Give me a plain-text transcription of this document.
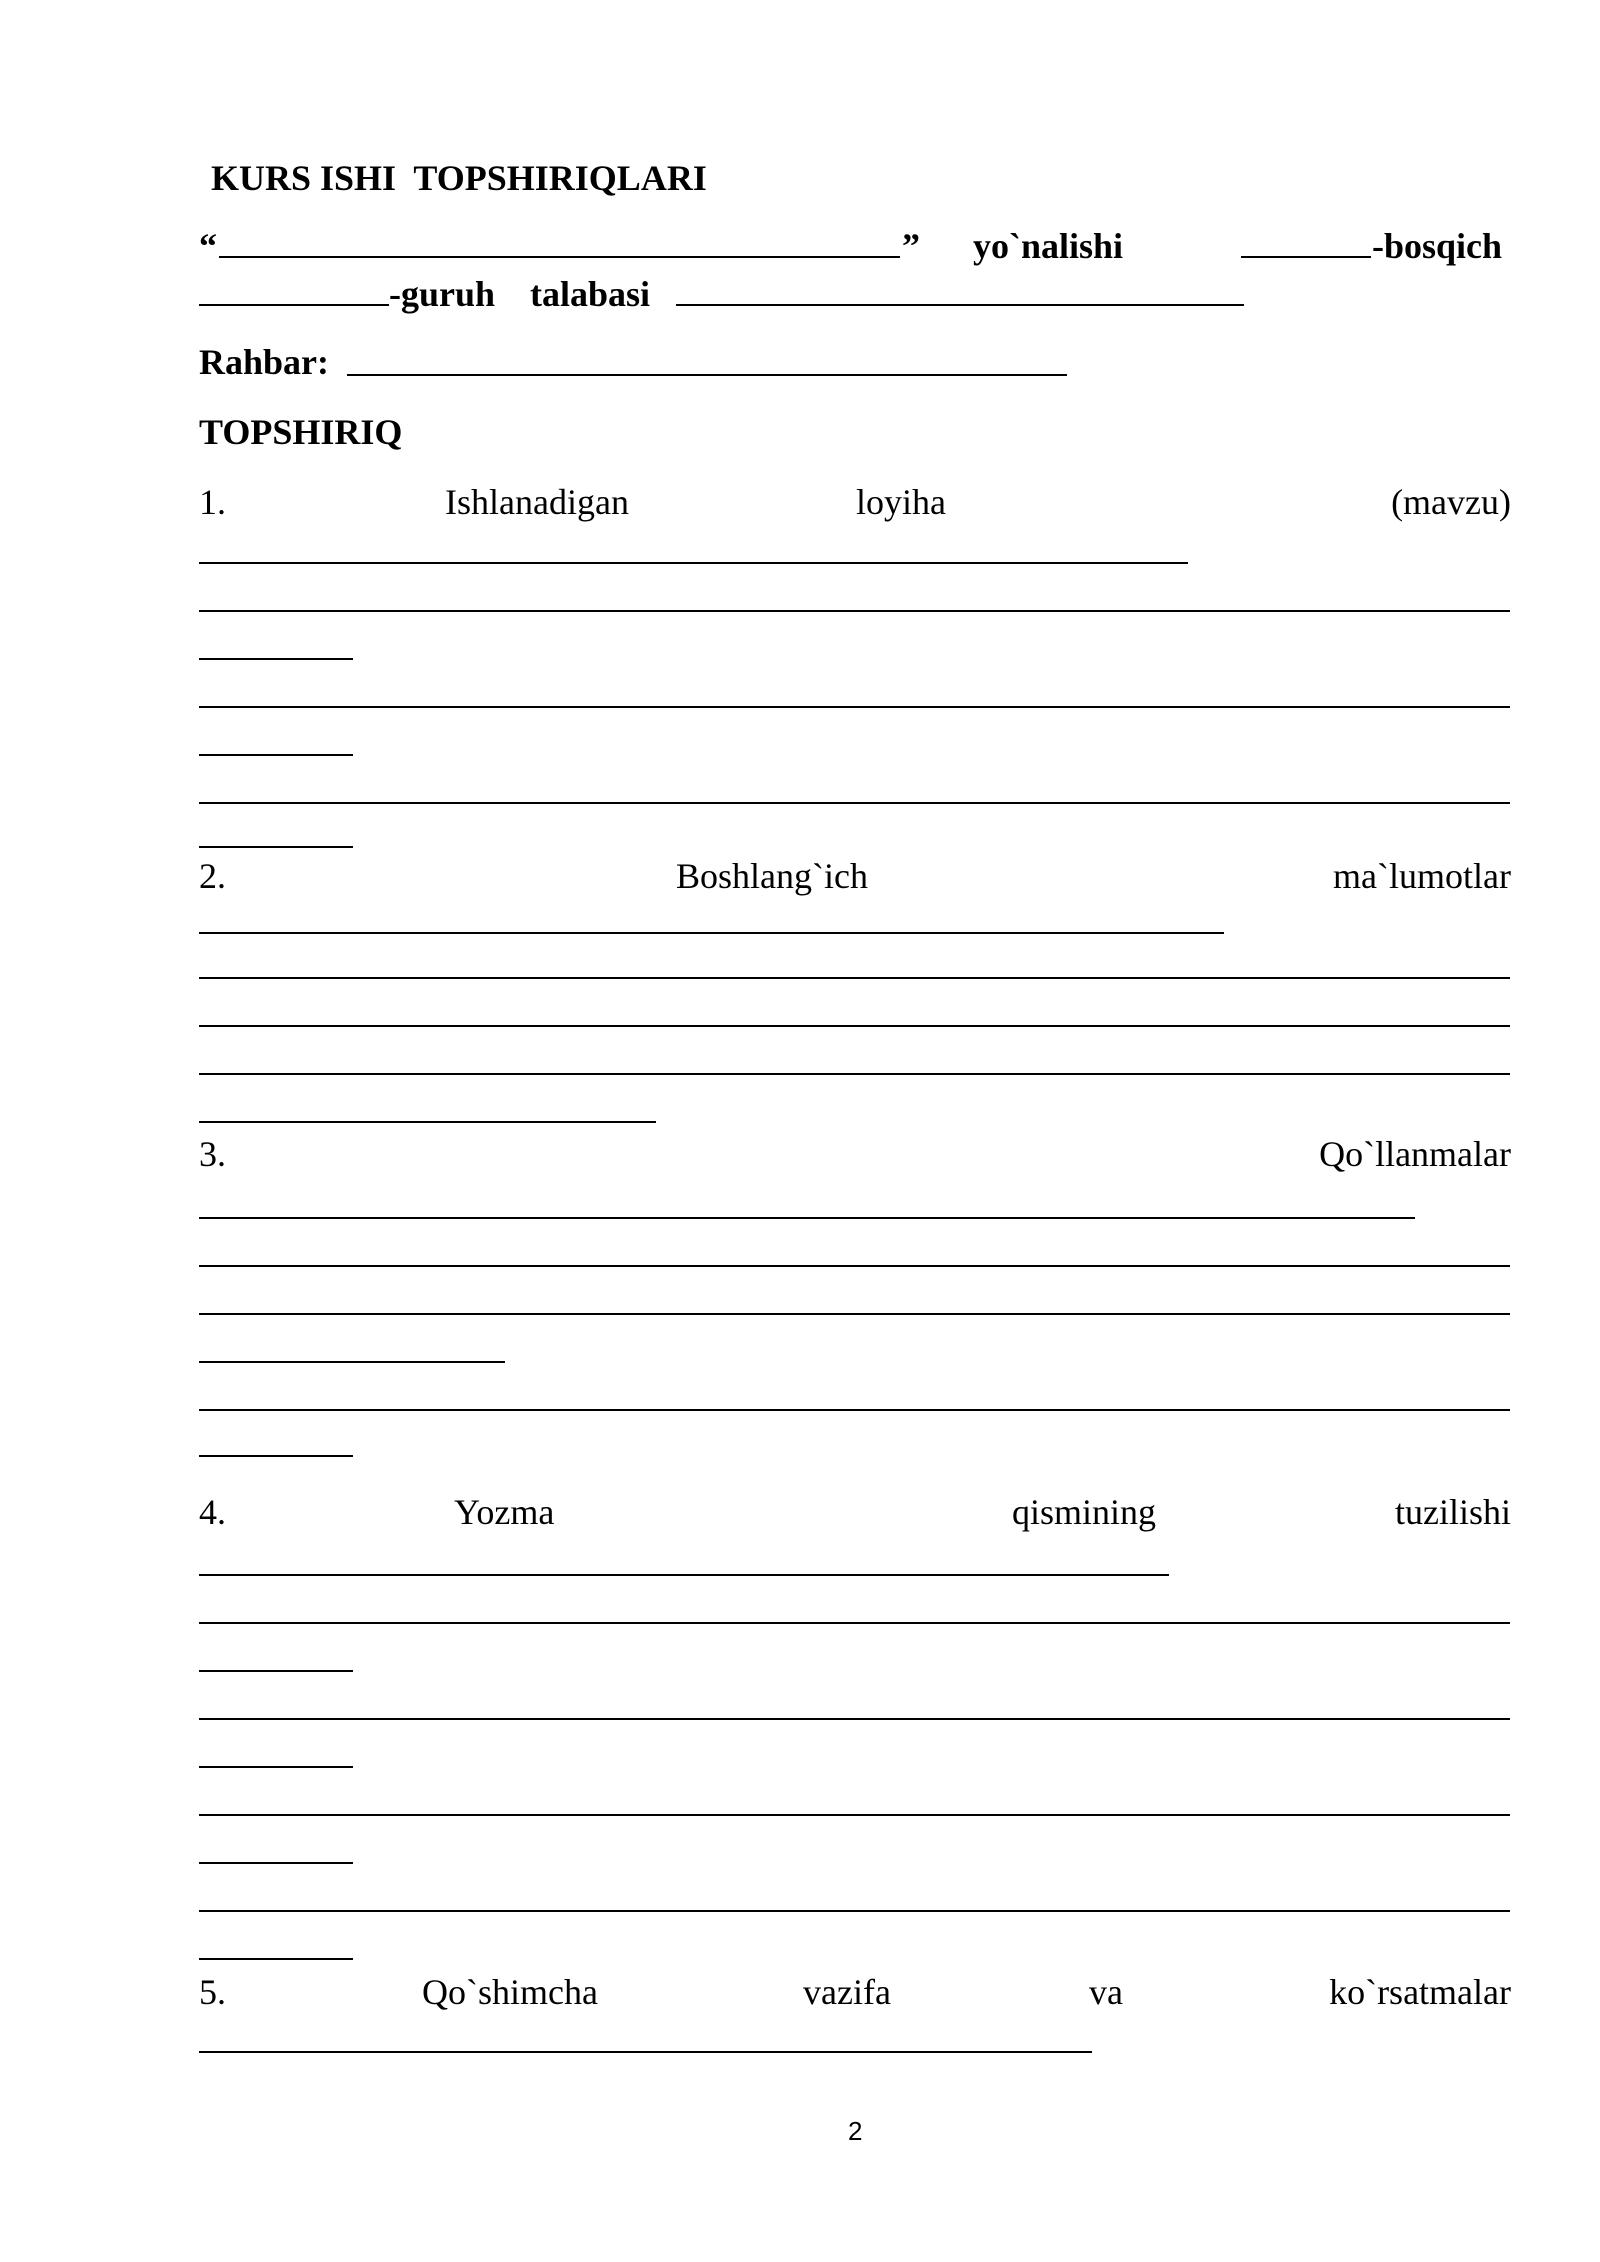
KURS ISHI  TOPSHIRIQLARI
“	” yo`nalishi	-bosqich
-guruh talabasi
Rahbar:
TOPSHIRIQ
1.	Ishlanadigan	loyiha	(mavzu)
2.	Boshlang`ich	ma`lumotlar
3.	Qo`llanmalar
4.	Yozma	qismining	tuzilishi
5.	Qo`shimcha	vazifa	va	ko`rsatmalar
2
